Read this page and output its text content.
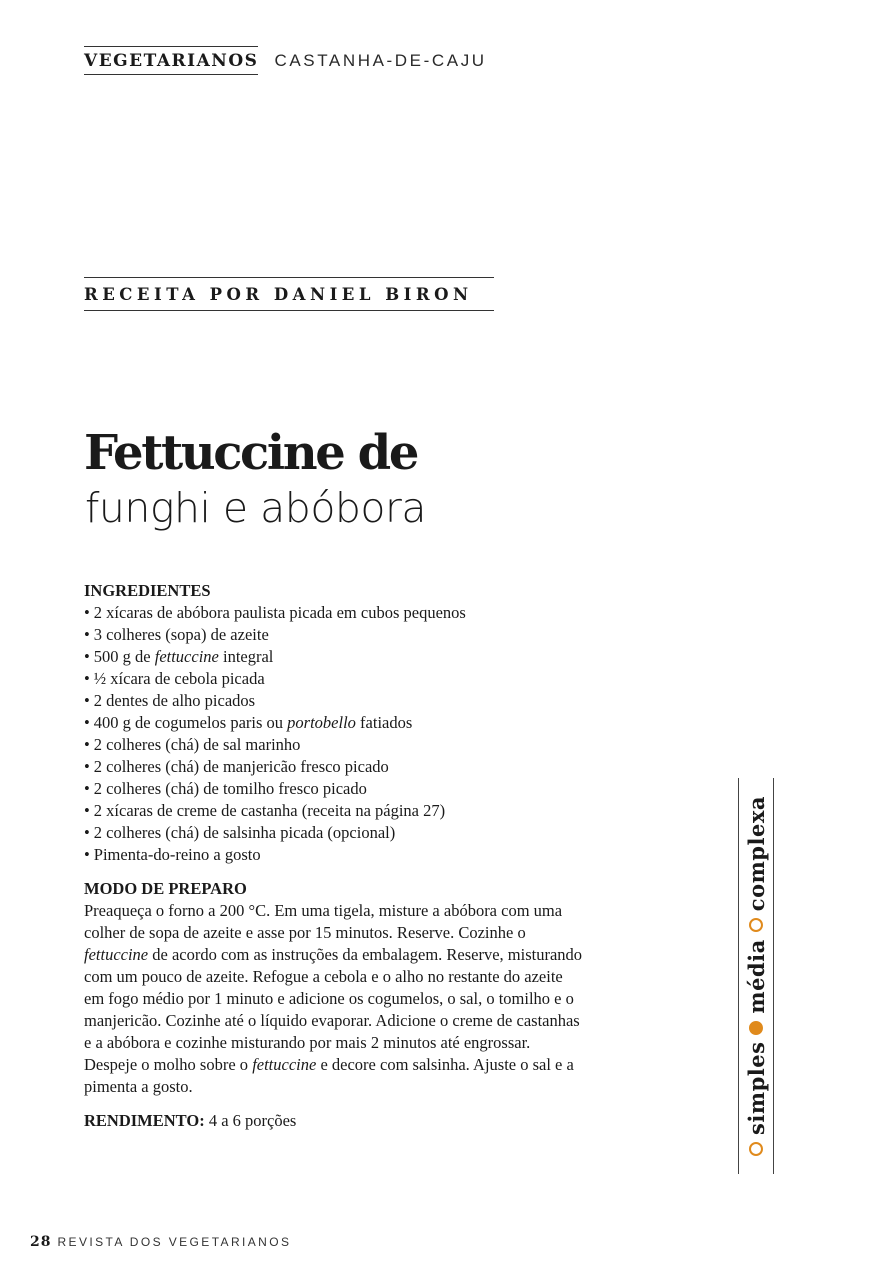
VEGETARIANOS CASTANHA-DE-CAJU
RECEITA POR DANIEL BIRON
Fettuccine de
funghi e abóbora
INGREDIENTES
• 2 xícaras de abóbora paulista picada em cubos pequenos
• 3 colheres (sopa) de azeite
• 500 g de fettuccine integral
• ½ xícara de cebola picada
• 2 dentes de alho picados
• 400 g de cogumelos paris ou portobello fatiados
• 2 colheres (chá) de sal marinho
• 2 colheres (chá) de manjericão fresco picado
• 2 colheres (chá) de tomilho fresco picado
• 2 xícaras de creme de castanha (receita na página 27)
• 2 colheres (chá) de salsinha picada (opcional)
• Pimenta-do-reino a gosto
MODO DE PREPARO
Preaqueça o forno a 200 °C. Em uma tigela, misture a abóbora com uma colher de sopa de azeite e asse por 15 minutos. Reserve. Cozinhe o fettuccine de acordo com as instruções da embalagem. Reserve, misturando com um pouco de azeite. Refogue a cebola e o alho no restante do azeite em fogo médio por 1 minuto e adicione os cogumelos, o sal, o tomilho e o manjericão. Cozinhe até o líquido evaporar. Adicione o creme de castanhas e a abóbora e cozinhe misturando por mais 2 minutos até engrossar. Despeje o molho sobre o fettuccine e decore com salsinha. Ajuste o sal e a pimenta a gosto.
RENDIMENTO: 4 a 6 porções	simples
média
complexa
28 REVISTA DOS VEGETARIANOS
